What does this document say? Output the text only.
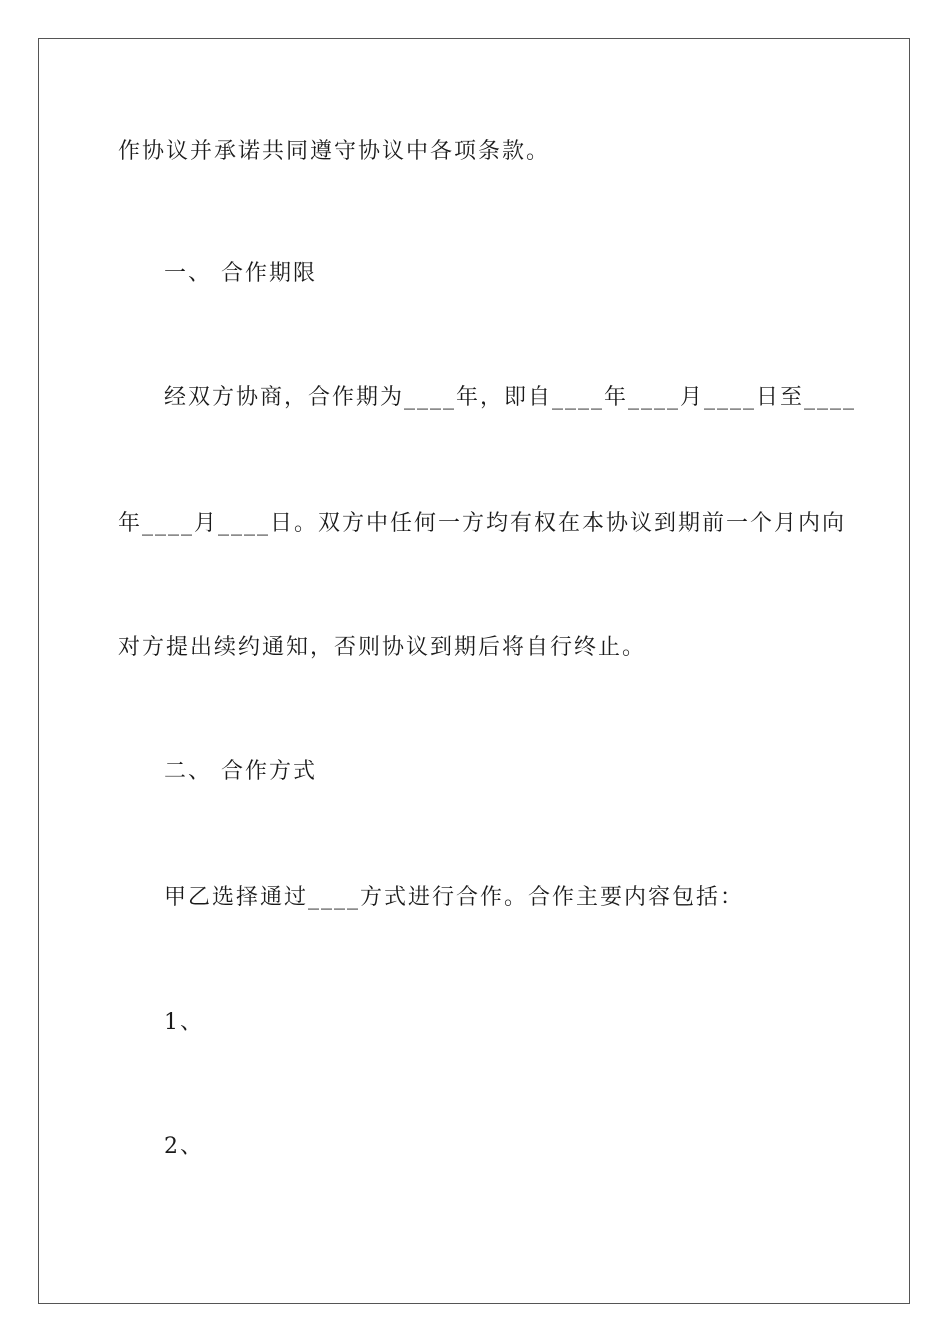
作协议并承诺共同遵守协议中各项条款。
一、 合作期限
经双方协商，合作期为____年，即自____年____月____日至____
年____月____日。双方中任何一方均有权在本协议到期前一个月内向
对方提出续约通知，否则协议到期后将自行终止。
二、 合作方式
甲乙选择通过____方式进行合作。合作主要内容包括：
1、
2、
